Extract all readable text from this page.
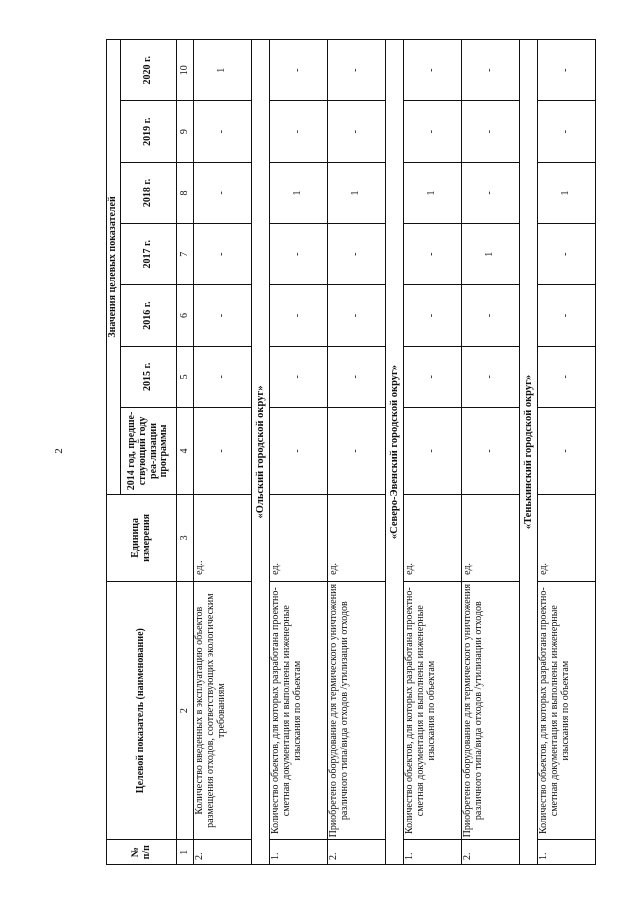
2
№
п/п	Целевой показатель (наименование)	Единица измерения	Значения целевых показателей						
			2014 год, предше-ствующий году реа-лизации программы	2015 г.	2016 г.	2017 г.	2018 г.	2019 г.	2020 г.
1	2	3	4	5	6	7	8	9	10
2.	Количество введенных в эксплуатацию объектов размещения отходов, соответствующих экологическим требованиям	ед..	-	-	-	-	-	-	1
«Ольский городской округ»									
1.	Количество объектов, для которых разработана проектно-сметная документация и выполнены инженерные изыскания по объектам	ед.	-	-	-	-	1	-	-
2.	Приобретено оборудование для термического уничтожения различного типа/вида отходов /утилизации отходов	ед.	-	-	-	-	1	-	-
«Северо-Эвенский городской округ»									
1.	Количество объектов, для которых разработана проектно-сметная документация и выполнены инженерные изыскания по объектам	ед.	-	-	-	-	1	-	-
2.	Приобретено оборудование для термического уничтожения различного типа/вида отходов /утилизации отходов	ед.	-	-	-	1	-	-	-
«Тенькинский городской округ»									
1.	Количество объектов, для которых разработана проектно-сметная документация и выполнены инженерные изыскания по объектам	ед.	-	-	-	-	1	-	-
